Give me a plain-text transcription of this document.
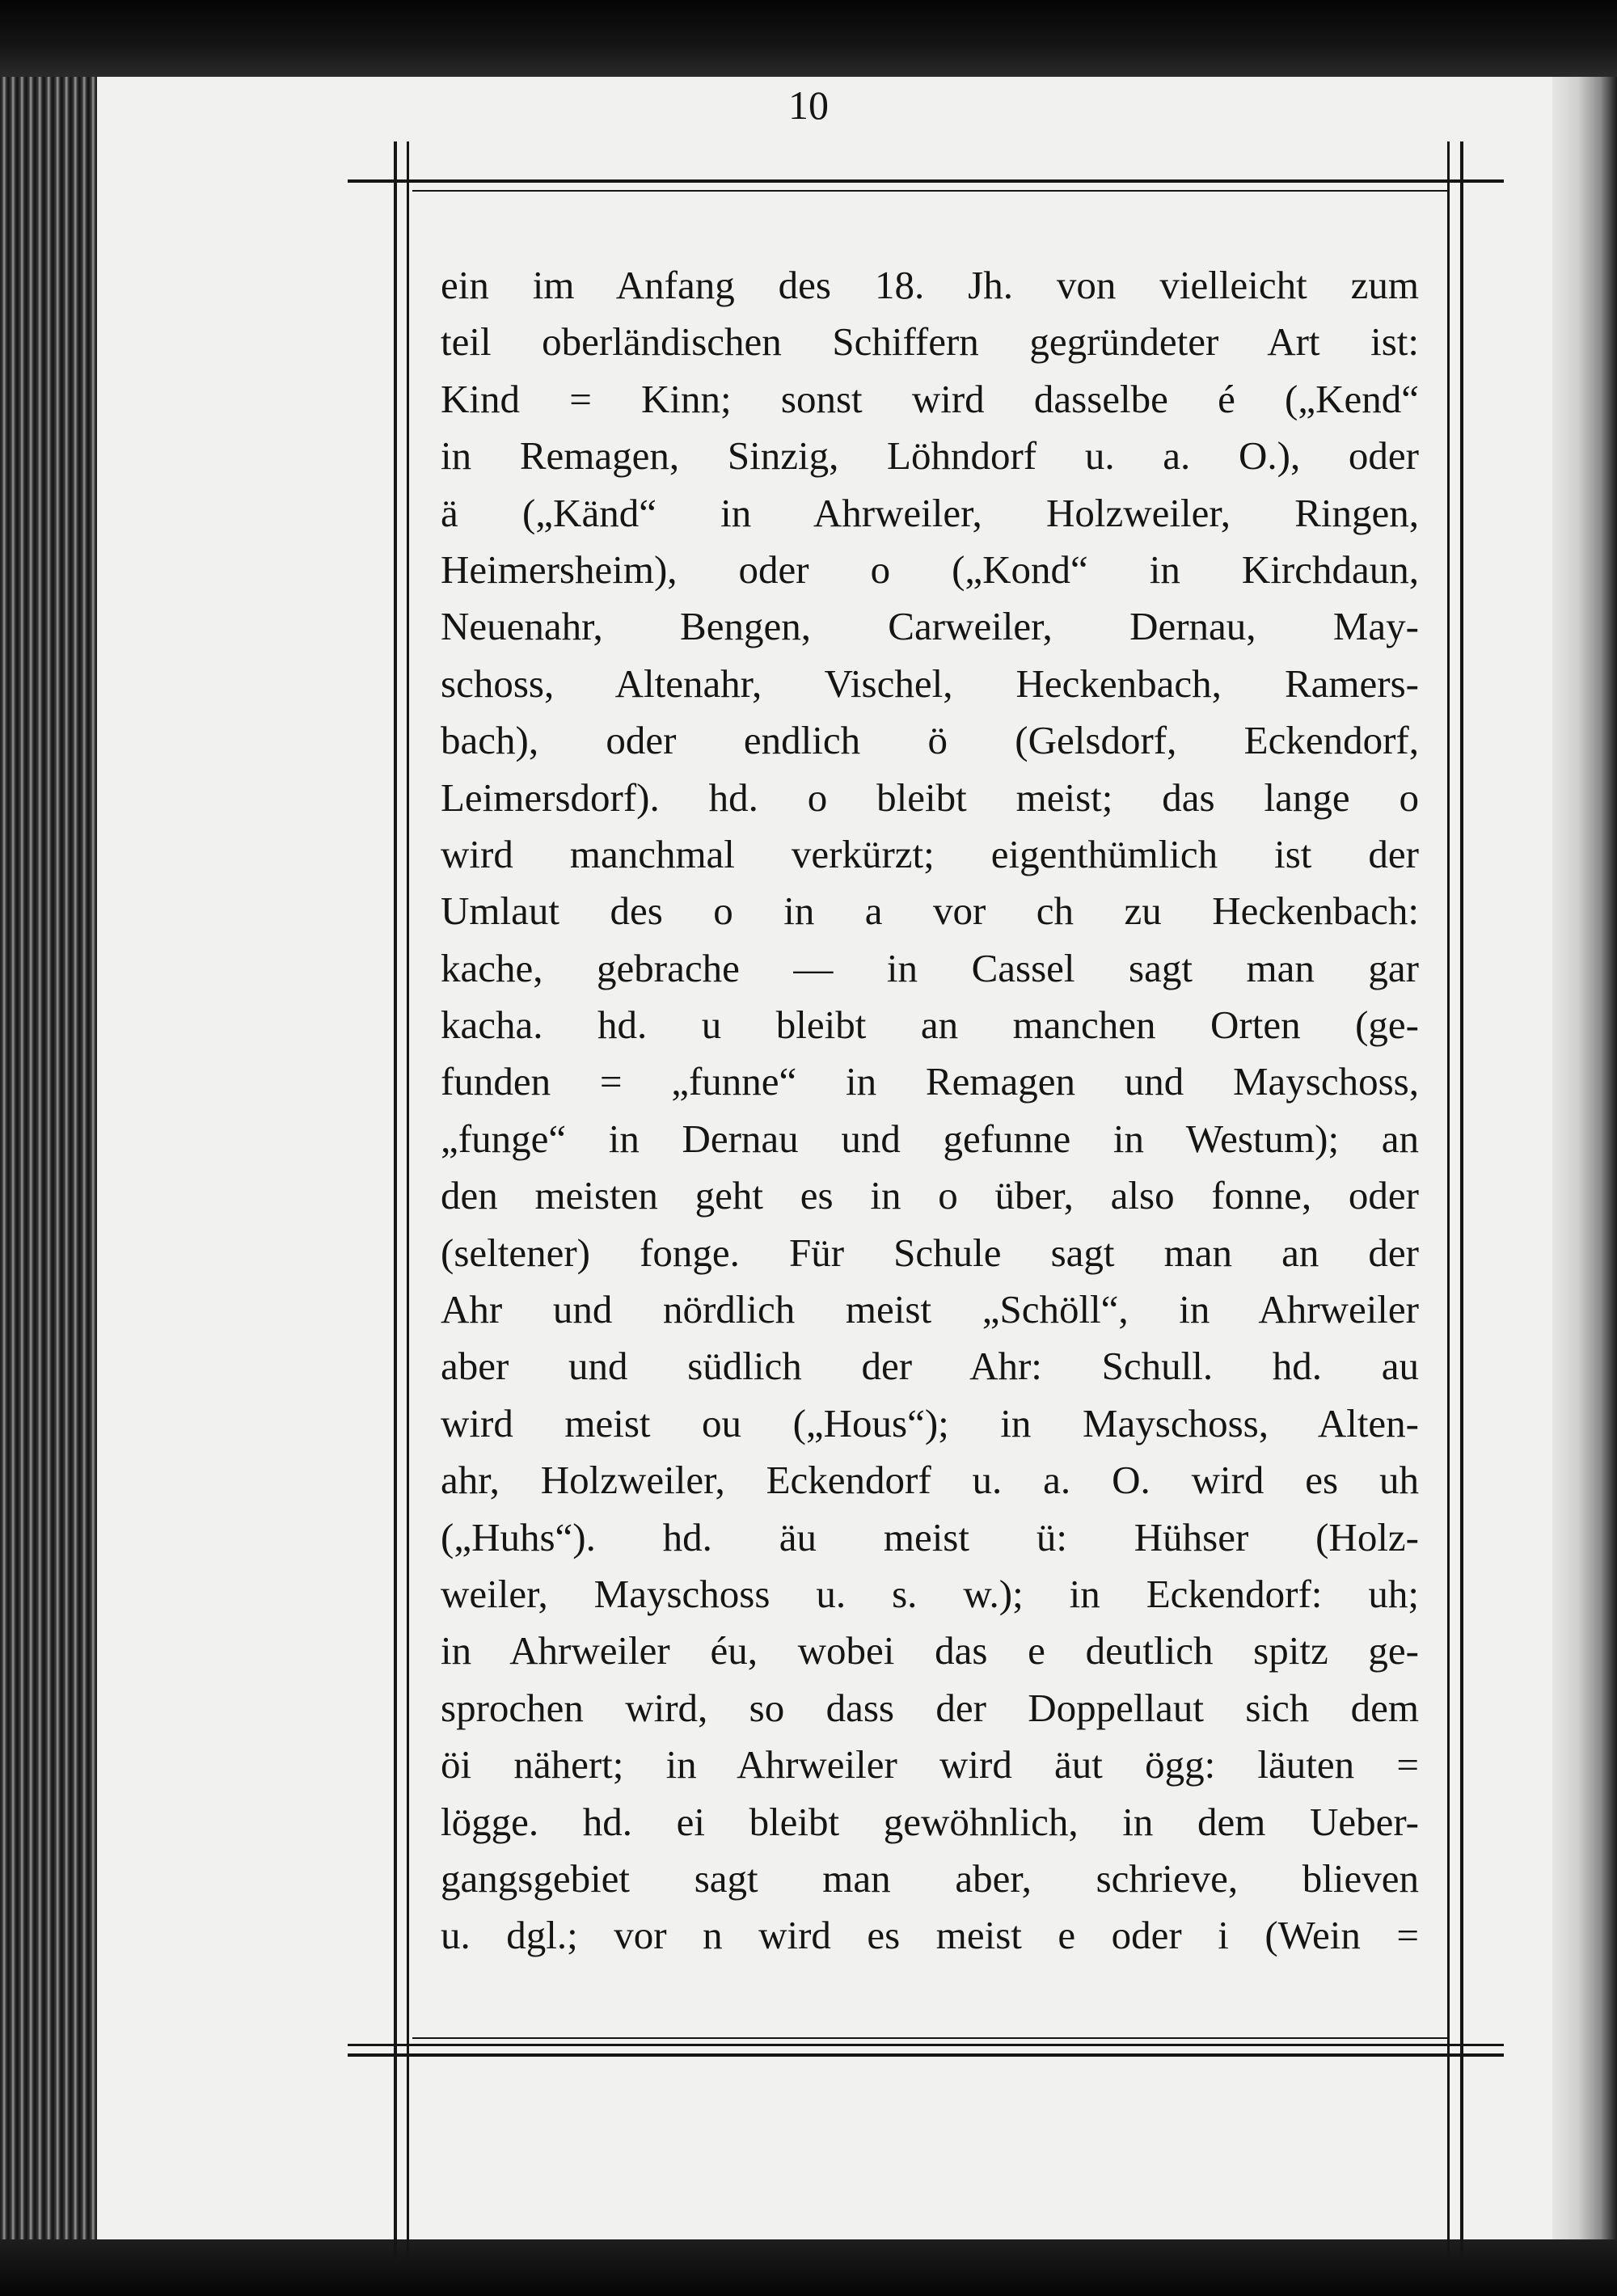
10
ein im Anfang des 18. Jh. von vielleicht zum
teil oberländischen Schiffern gegründeter Art ist:
Kind = Kinn; sonst wird dasselbe é („Kend“
in Remagen, Sinzig, Löhndorf u. a. O.), oder
ä („Känd“ in Ahrweiler, Holzweiler, Ringen,
Heimersheim), oder o („Kond“ in Kirchdaun,
Neuenahr, Bengen, Carweiler, Dernau, May-
schoss, Altenahr, Vischel, Heckenbach, Ramers-
bach), oder endlich ö (Gelsdorf, Eckendorf,
Leimersdorf). hd. o bleibt meist; das lange o
wird manchmal verkürzt; eigenthümlich ist der
Umlaut des o in a vor ch zu Heckenbach:
kache, gebrache — in Cassel sagt man gar
kacha. hd. u bleibt an manchen Orten (ge-
funden = „funne“ in Remagen und Mayschoss,
„funge“ in Dernau und gefunne in Westum); an
den meisten geht es in o über, also fonne, oder
(seltener) fonge. Für Schule sagt man an der
Ahr und nördlich meist „Schöll“, in Ahrweiler
aber und südlich der Ahr: Schull. hd. au
wird meist ou („Hous“); in Mayschoss, Alten-
ahr, Holzweiler, Eckendorf u. a. O. wird es uh
(„Huhs“). hd. äu meist ü: Hühser (Holz-
weiler, Mayschoss u. s. w.); in Eckendorf: uh;
in Ahrweiler éu, wobei das e deutlich spitz ge-
sprochen wird, so dass der Doppellaut sich dem
öi nähert; in Ahrweiler wird äut ögg: läuten =
lögge. hd. ei bleibt gewöhnlich, in dem Ueber-
gangsgebiet sagt man aber, schrieve, blieven
u. dgl.; vor n wird es meist e oder i (Wein =
